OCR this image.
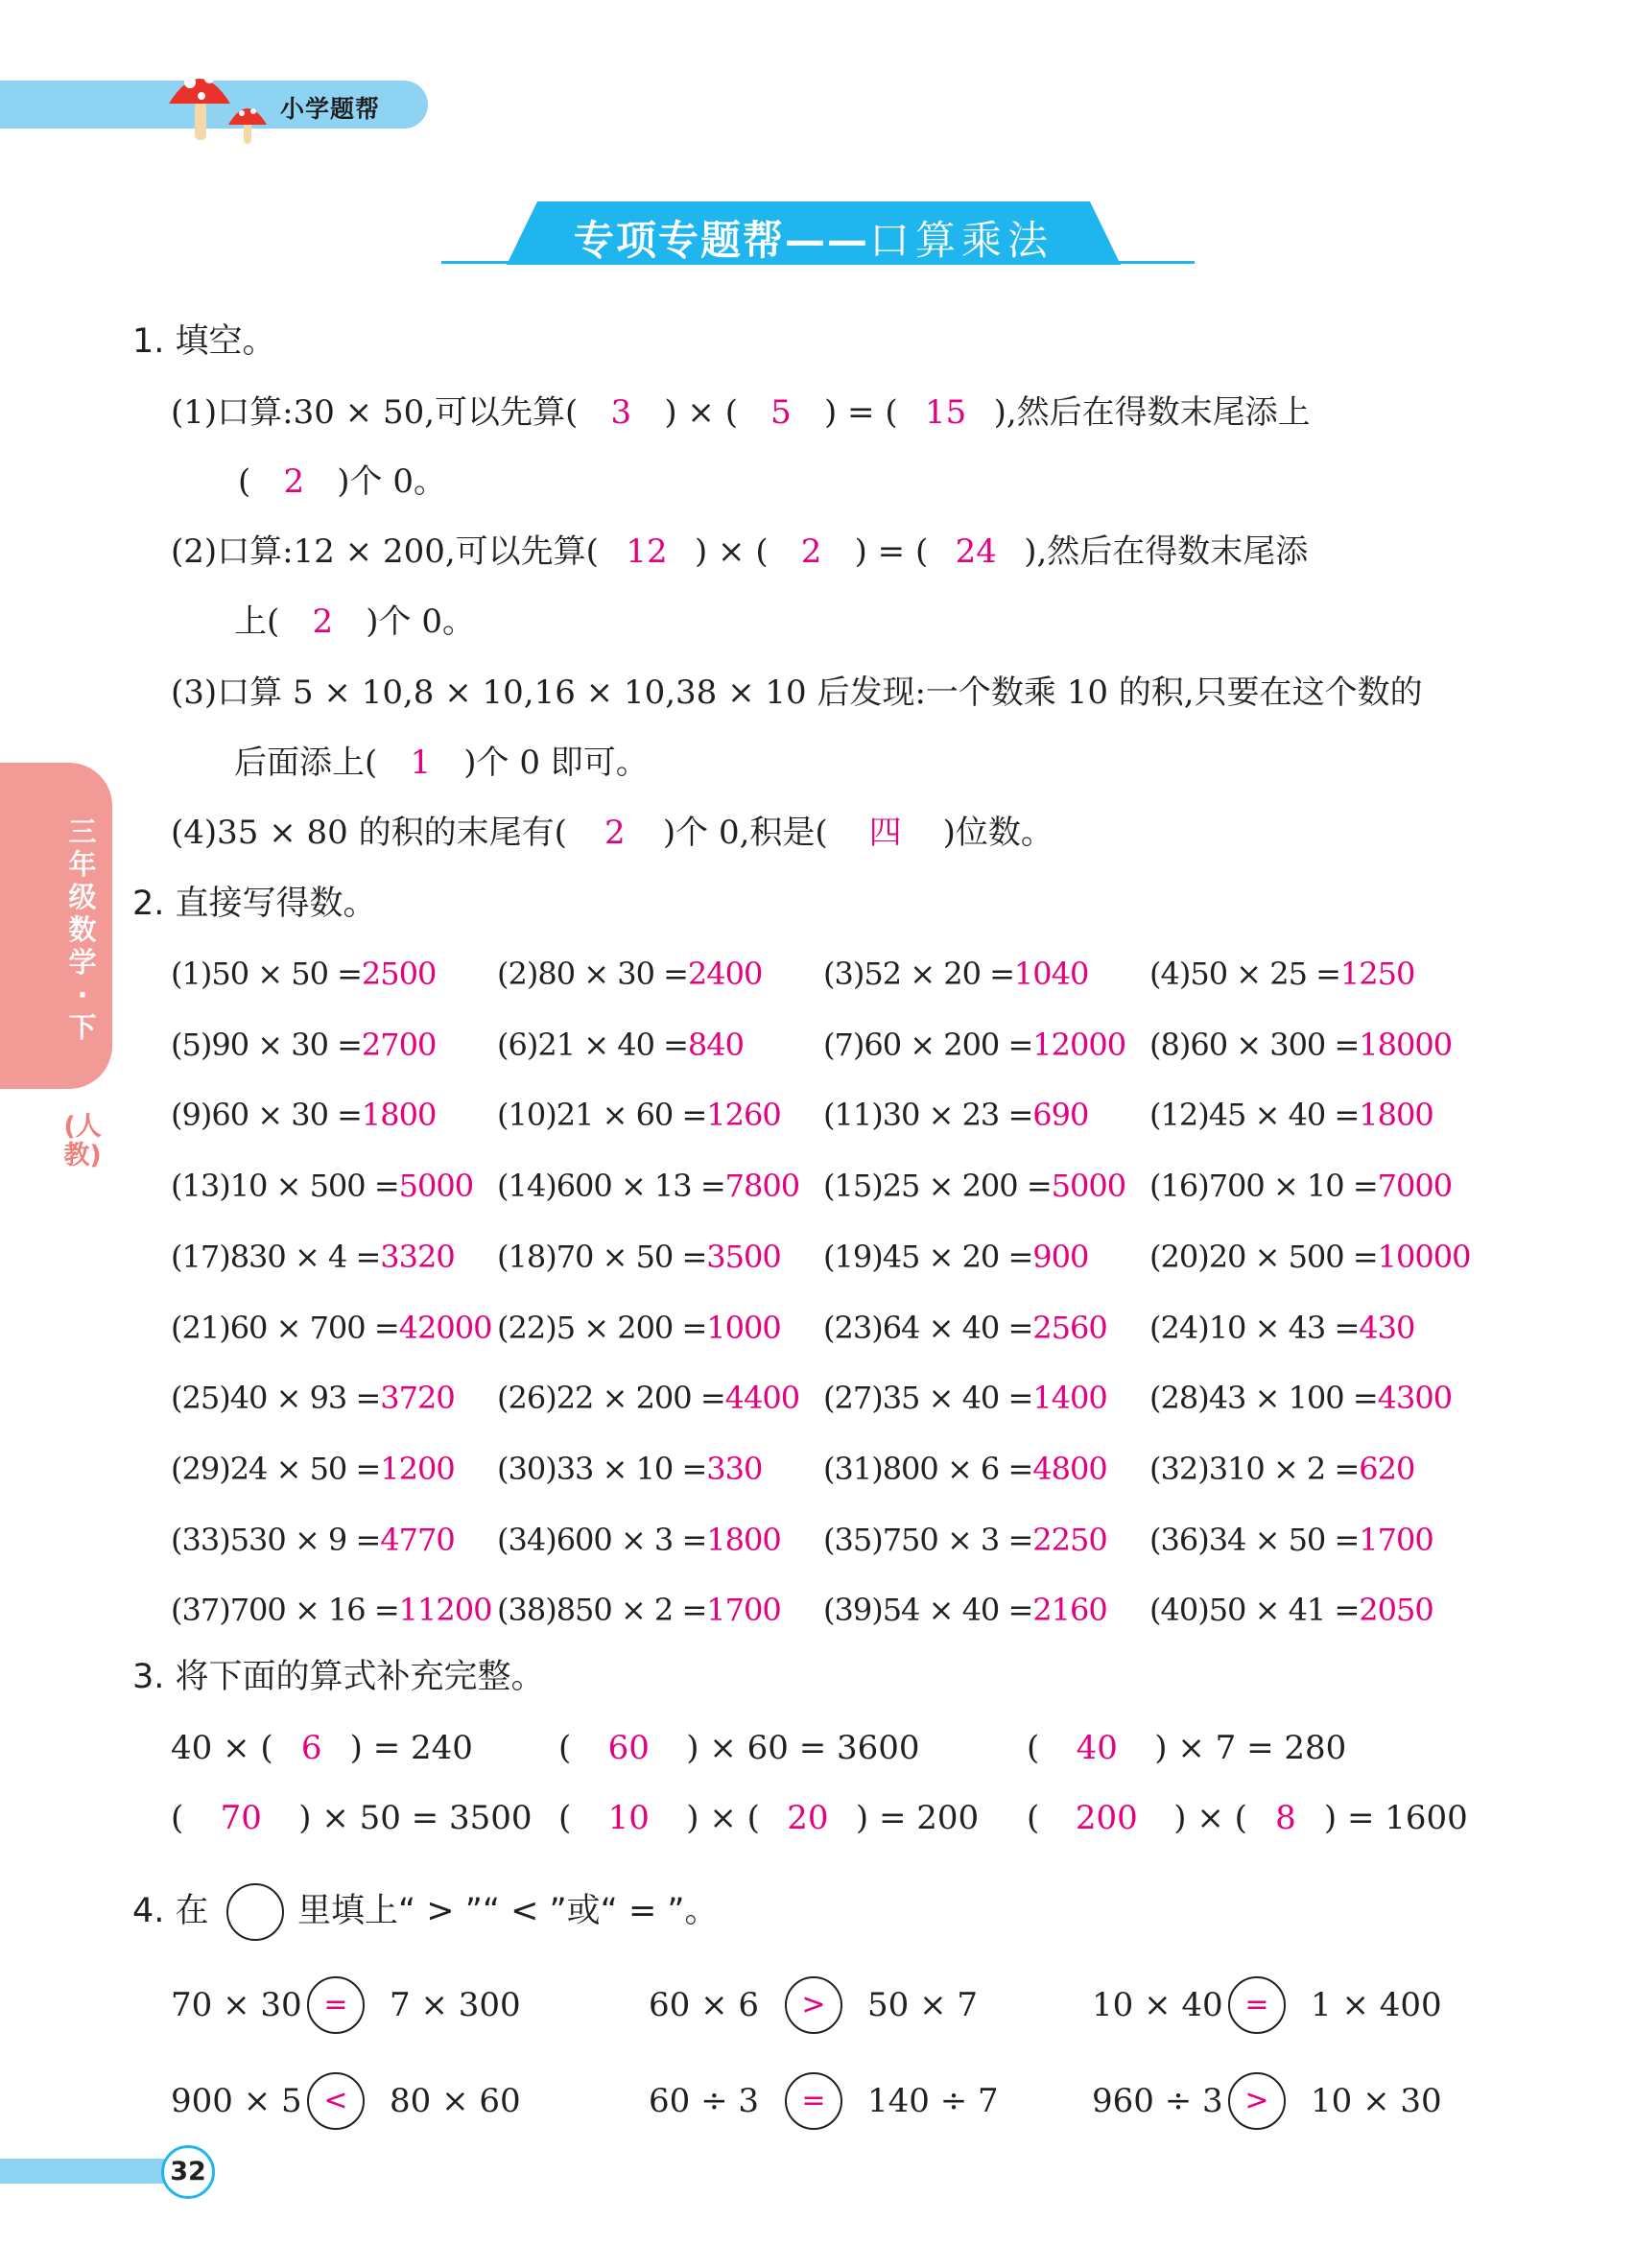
小学题帮
专项专题帮——口算乘法
三年级数学·下
(人教)
1. 填空。
(1)口算:30 × 50,可以先算( 3 ) × ( 5 ) = ( 15 ),然后在得数末尾添上
( 2 )个 0。
(2)口算:12 × 200,可以先算( 12 ) × ( 2 ) = ( 24 ),然后在得数末尾添
上( 2 )个 0。
(3)口算 5 × 10,8 × 10,16 × 10,38 × 10 后发现:一个数乘 10 的积,只要在这个数的
后面添上( 1 )个 0 即可。
(4)35 × 80 的积的末尾有( 2 )个 0,积是( 四 )位数。
2. 直接写得数。
(1)50 × 50 =2500 (2)80 × 30 =2400 (3)52 × 20 =1040 (4)50 × 25 =1250
(5)90 × 30 =2700 (6)21 × 40 =840	(7)60 × 200 =12000 (8)60 × 300 =18000
(9)60 × 30 =1800 (10)21 × 60 =1260 (11)30 × 23 =690 (12)45 × 40 =1800
(13)10 × 500 =5000 (14)600 × 13 =7800 (15)25 × 200 =5000 (16)700 × 10 =7000
(17)830 × 4 =3320 (18)70 × 50 =3500 (19)45 × 20 =900 (20)20 × 500 =10000
(21)60 × 700 =42000 (22)5 × 200 =1000 (23)64 × 40 =2560 (24)10 × 43 =430
(25)40 × 93 =3720 (26)22 × 200 =4400 (27)35 × 40 =1400 (28)43 × 100 =4300
(29)24 × 50 =1200 (30)33 × 10 =330 (31)800 × 6 =4800 (32)310 × 2 =620
(33)530 × 9 =4770 (34)600 × 3 =1800 (35)750 × 3 =2250 (36)34 × 50 =1700
(37)700 × 16 =11200 (38)850 × 2 =1700 (39)54 × 40 =2160 (40)50 × 41 =2050
3. 将下面的算式补充完整。
40 × ( 6 ) = 240	( 60 ) × 60 = 3600	( 40 ) × 7 = 280
( 70 ) × 50 = 3500 ( 10 ) × ( 20 ) = 200 ( 200 ) × ( 8 ) = 1600
4. 在	里填上“ > ”“ < ”或“ = ”。
70 × 30 =	7 × 300	60 × 6	>	50 × 7	10 × 40 =	1 × 400
900 × 5 <	80 × 60	60 ÷ 3	=	140 ÷ 7	960 ÷ 3 >	10 × 30
32
